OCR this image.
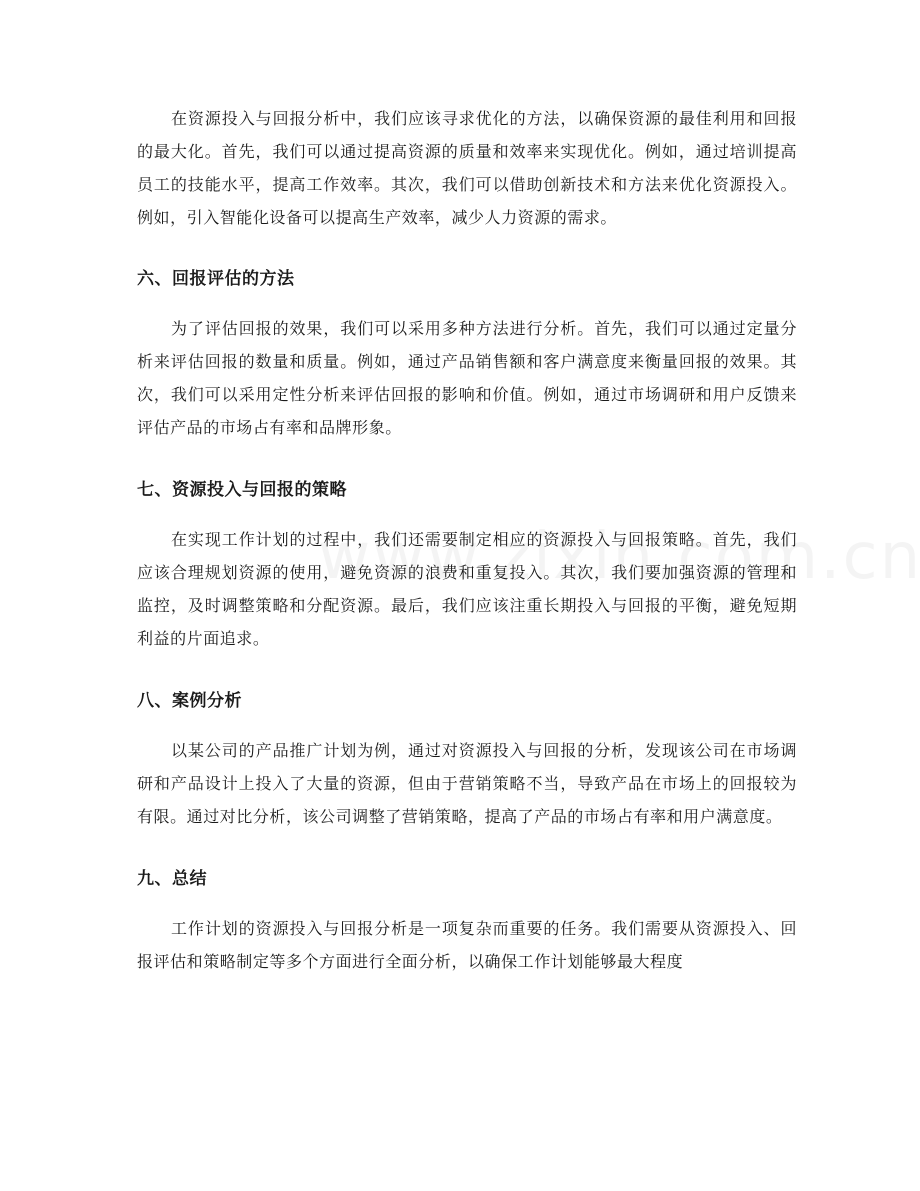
在资源投入与回报分析中，我们应该寻求优化的方法，以确保资源的最佳利用和回报的最大化。首先，我们可以通过提高资源的质量和效率来实现优化。例如，通过培训提高员工的技能水平，提高工作效率。其次，我们可以借助创新技术和方法来优化资源投入。例如，引入智能化设备可以提高生产效率，减少人力资源的需求。

六、回报评估的方法

为了评估回报的效果，我们可以采用多种方法进行分析。首先，我们可以通过定量分析来评估回报的数量和质量。例如，通过产品销售额和客户满意度来衡量回报的效果。其次，我们可以采用定性分析来评估回报的影响和价值。例如，通过市场调研和用户反馈来评估产品的市场占有率和品牌形象。

七、资源投入与回报的策略

在实现工作计划的过程中，我们还需要制定相应的资源投入与回报策略。首先，我们应该合理规划资源的使用，避免资源的浪费和重复投入。其次，我们要加强资源的管理和监控，及时调整策略和分配资源。最后，我们应该注重长期投入与回报的平衡，避免短期利益的片面追求。

八、案例分析

以某公司的产品推广计划为例，通过对资源投入与回报的分析，发现该公司在市场调研和产品设计上投入了大量的资源，但由于营销策略不当，导致产品在市场上的回报较为有限。通过对比分析，该公司调整了营销策略，提高了产品的市场占有率和用户满意度。

九、总结

工作计划的资源投入与回报分析是一项复杂而重要的任务。我们需要从资源投入、回报评估和策略制定等多个方面进行全面分析，以确保工作计划能够最大程度
